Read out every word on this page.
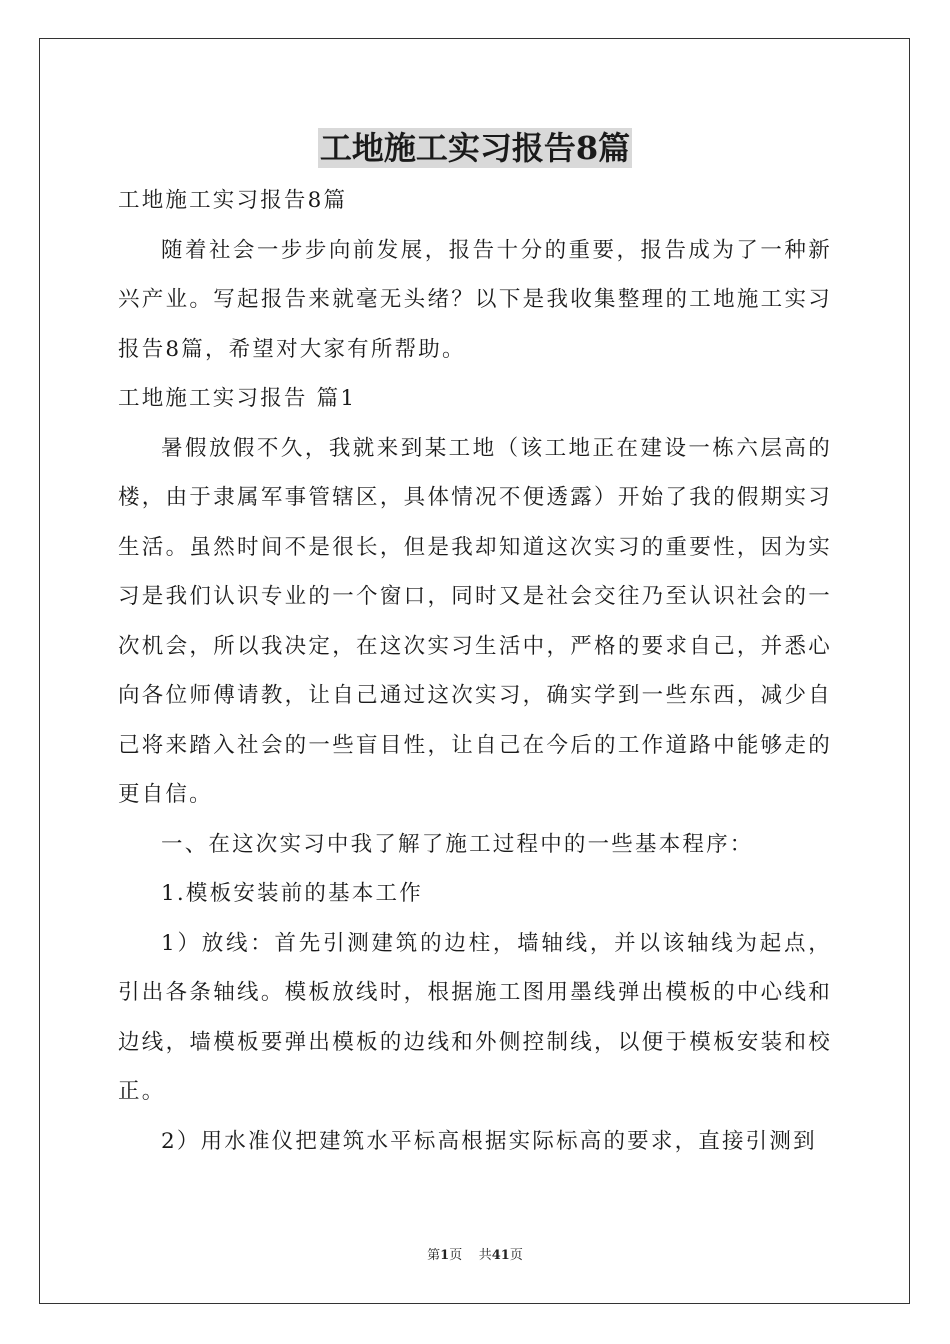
工地施工实习报告8篇

工地施工实习报告8篇

随着社会一步步向前发展，报告十分的重要，报告成为了一种新兴产业。写起报告来就毫无头绪？以下是我收集整理的工地施工实习报告8篇，希望对大家有所帮助。

工地施工实习报告 篇1

暑假放假不久，我就来到某工地（该工地正在建设一栋六层高的楼，由于隶属军事管辖区，具体情况不便透露）开始了我的假期实习生活。虽然时间不是很长，但是我却知道这次实习的重要性，因为实习是我们认识专业的一个窗口，同时又是社会交往乃至认识社会的一次机会，所以我决定，在这次实习生活中，严格的要求自己，并悉心向各位师傅请教，让自己通过这次实习，确实学到一些东西，减少自己将来踏入社会的一些盲目性，让自己在今后的工作道路中能够走的更自信。

一、在这次实习中我了解了施工过程中的一些基本程序：

1.模板安装前的基本工作

1）放线：首先引测建筑的边柱，墙轴线，并以该轴线为起点，引出各条轴线。模板放线时，根据施工图用墨线弹出模板的中心线和边线，墙模板要弹出模板的边线和外侧控制线，以便于模板安装和校正。

2）用水准仪把建筑水平标高根据实际标高的要求，直接引测到

第1页 共41页
